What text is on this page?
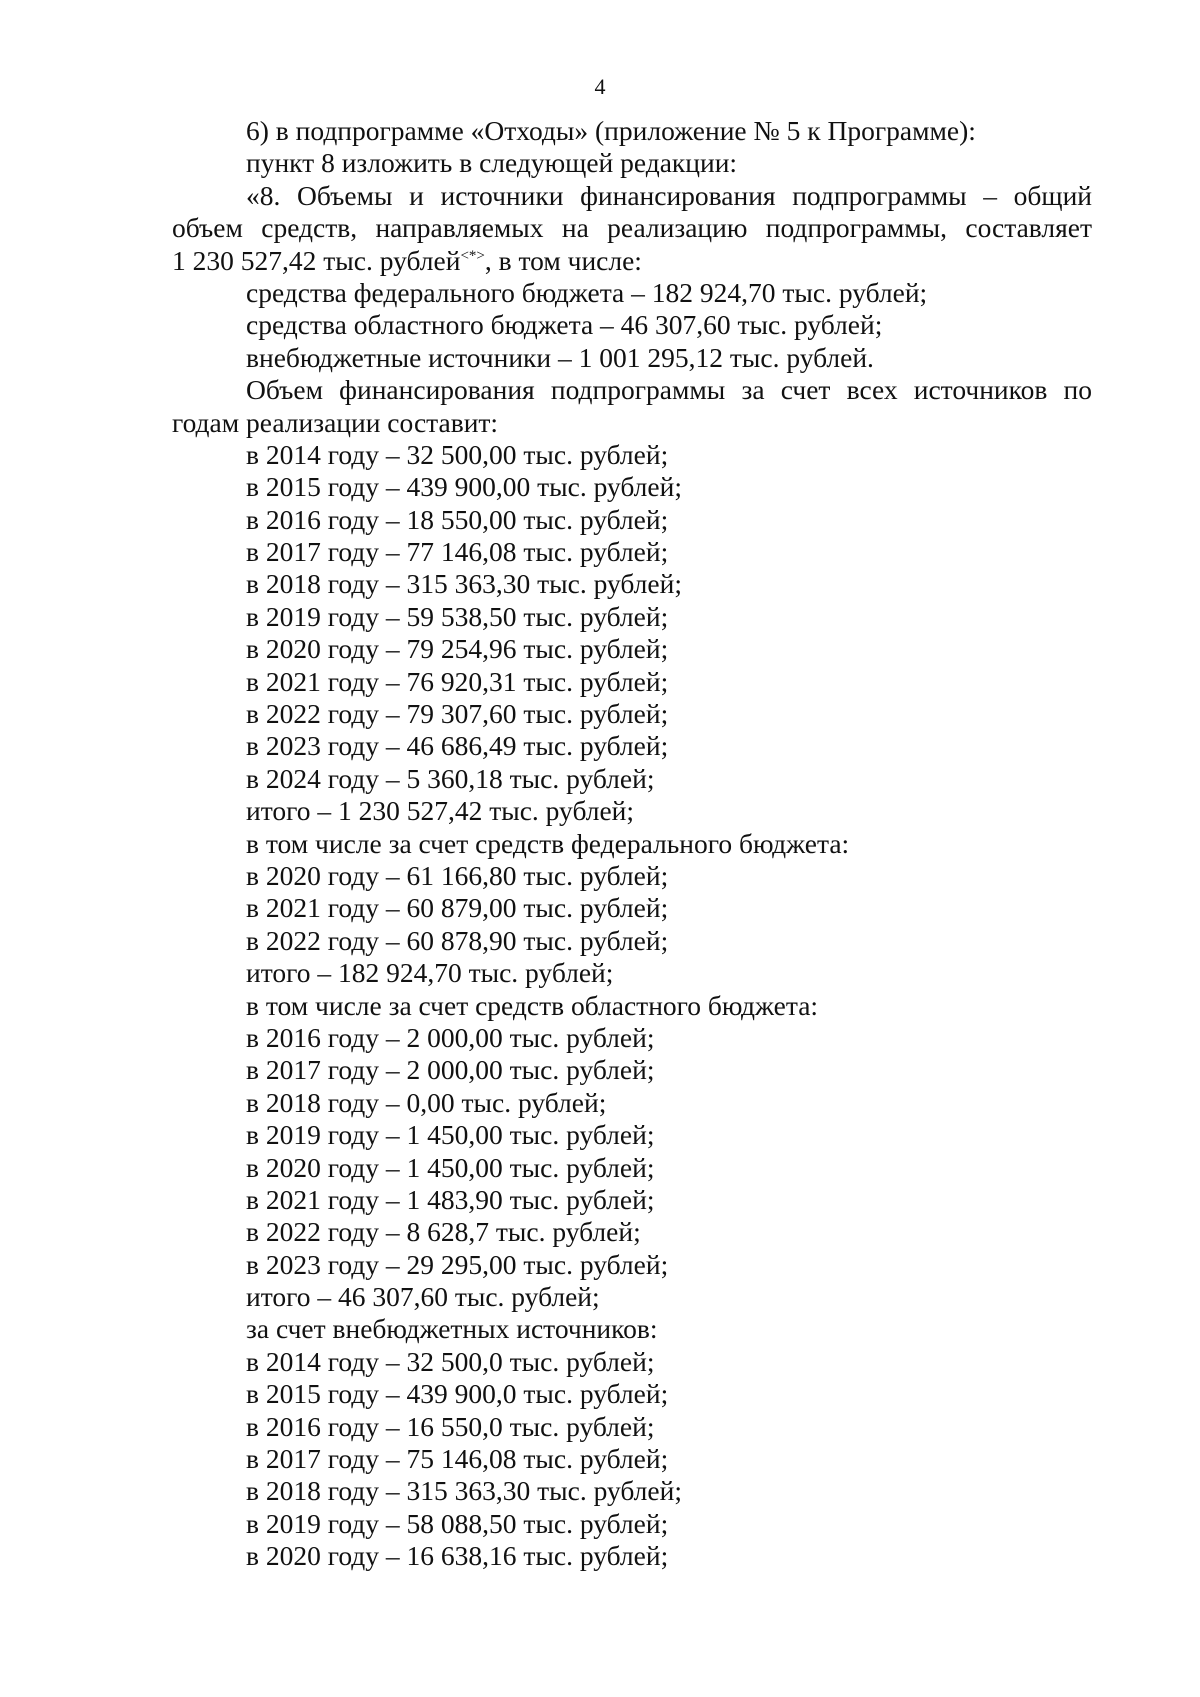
4
6) в подпрограмме «Отходы» (приложение № 5 к Программе):
пункт 8 изложить в следующей редакции:
«8. Объемы и источники финансирования подпрограммы – общий
объем средств, направляемых на реализацию подпрограммы, составляет
1 230 527,42 тыс. рублей<*>, в том числе:
средства федерального бюджета – 182 924,70 тыс. рублей;
средства областного бюджета – 46 307,60 тыс. рублей;
внебюджетные источники – 1 001 295,12 тыс. рублей.
Объем финансирования подпрограммы за счет всех источников по
годам реализации составит:
в 2014 году – 32 500,00 тыс. рублей;
в 2015 году – 439 900,00 тыс. рублей;
в 2016 году – 18 550,00 тыс. рублей;
в 2017 году – 77 146,08 тыс. рублей;
в 2018 году – 315 363,30 тыс. рублей;
в 2019 году – 59 538,50 тыс. рублей;
в 2020 году – 79 254,96 тыс. рублей;
в 2021 году – 76 920,31 тыс. рублей;
в 2022 году – 79 307,60 тыс. рублей;
в 2023 году – 46 686,49 тыс. рублей;
в 2024 году – 5 360,18 тыс. рублей;
итого – 1 230 527,42 тыс. рублей;
в том числе за счет средств федерального бюджета:
в 2020 году – 61 166,80 тыс. рублей;
в 2021 году – 60 879,00 тыс. рублей;
в 2022 году – 60 878,90 тыс. рублей;
итого – 182 924,70 тыс. рублей;
в том числе за счет средств областного бюджета:
в 2016 году – 2 000,00 тыс. рублей;
в 2017 году – 2 000,00 тыс. рублей;
в 2018 году – 0,00 тыс. рублей;
в 2019 году – 1 450,00 тыс. рублей;
в 2020 году – 1 450,00 тыс. рублей;
в 2021 году – 1 483,90 тыс. рублей;
в 2022 году – 8 628,7 тыс. рублей;
в 2023 году – 29 295,00 тыс. рублей;
итого – 46 307,60 тыс. рублей;
за счет внебюджетных источников:
в 2014 году – 32 500,0 тыс. рублей;
в 2015 году – 439 900,0 тыс. рублей;
в 2016 году – 16 550,0 тыс. рублей;
в 2017 году – 75 146,08 тыс. рублей;
в 2018 году – 315 363,30 тыс. рублей;
в 2019 году – 58 088,50 тыс. рублей;
в 2020 году – 16 638,16 тыс. рублей;
